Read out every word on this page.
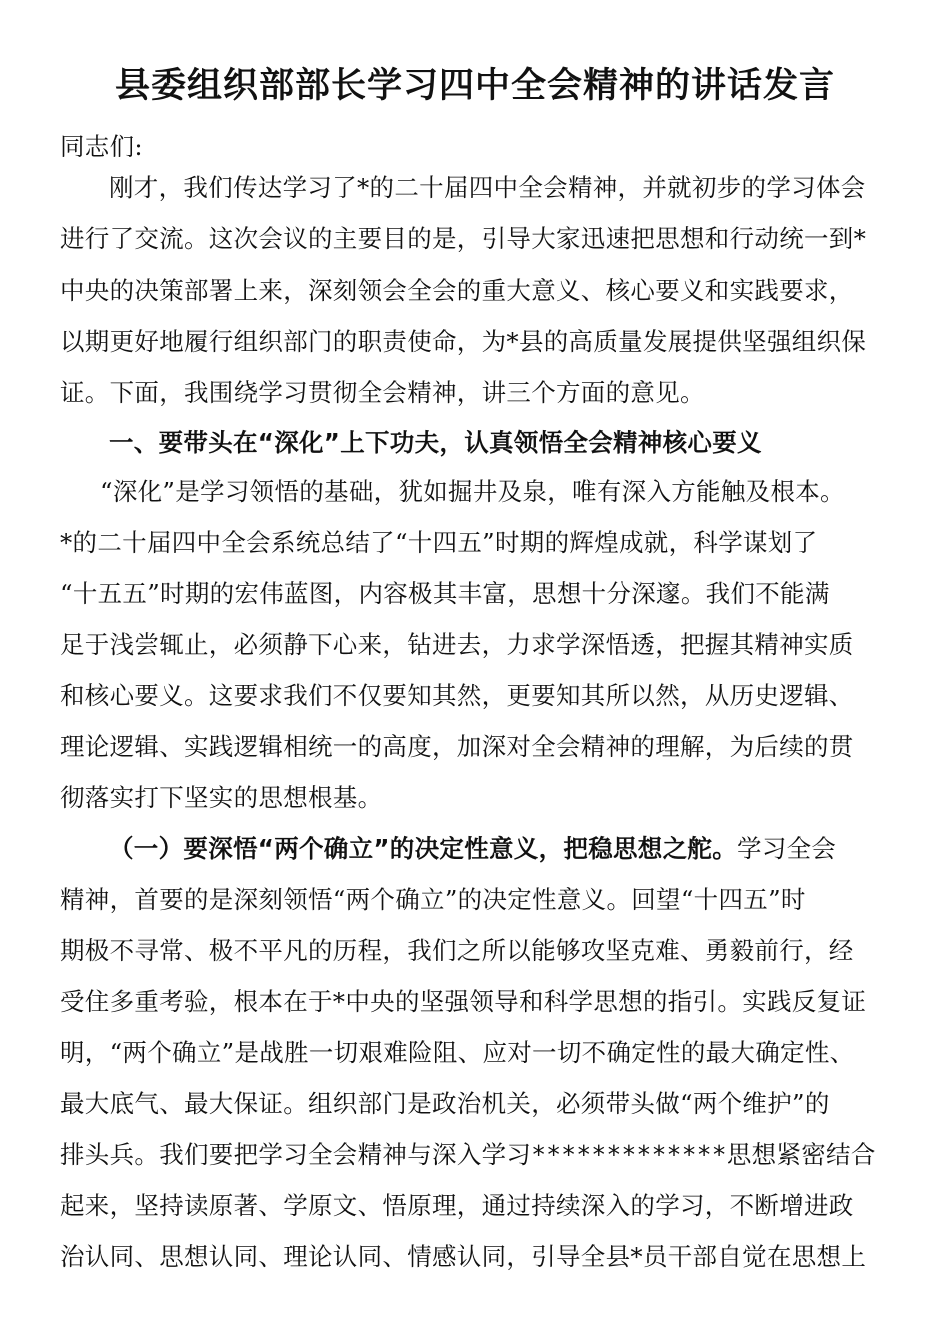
县委组织部部长学习四中全会精神的讲话发言
同志们:
刚才，我们传达学习了*的二十届四中全会精神，并就初步的学习体会
进行了交流。这次会议的主要目的是，引导大家迅速把思想和行动统一到*
中央的决策部署上来，深刻领会全会的重大意义、核心要义和实践要求，
以期更好地履行组织部门的职责使命，为*县的高质量发展提供坚强组织保
证。下面，我围绕学习贯彻全会精神，讲三个方面的意见。
一、要带头在“深化”上下功夫，认真领悟全会精神核心要义
“深化”是学习领悟的基础，犹如掘井及泉，唯有深入方能触及根本。
*的二十届四中全会系统总结了“十四五”时期的辉煌成就，科学谋划了
“十五五”时期的宏伟蓝图，内容极其丰富，思想十分深邃。我们不能满
足于浅尝辄止，必须静下心来，钻进去，力求学深悟透，把握其精神实质
和核心要义。这要求我们不仅要知其然，更要知其所以然，从历史逻辑、
理论逻辑、实践逻辑相统一的高度，加深对全会精神的理解，为后续的贯
彻落实打下坚实的思想根基。
（一）要深悟“两个确立”的决定性意义，把稳思想之舵。学习全会
精神，首要的是深刻领悟“两个确立”的决定性意义。回望“十四五”时
期极不寻常、极不平凡的历程，我们之所以能够攻坚克难、勇毅前行，经
受住多重考验，根本在于*中央的坚强领导和科学思想的指引。实践反复证
明，“两个确立”是战胜一切艰难险阻、应对一切不确定性的最大确定性、
最大底气、最大保证。组织部门是政治机关，必须带头做“两个维护”的
排头兵。我们要把学习全会精神与深入学习*************思想紧密结合
起来，坚持读原著、学原文、悟原理，通过持续深入的学习，不断增进政
治认同、思想认同、理论认同、情感认同，引导全县*员干部自觉在思想上
